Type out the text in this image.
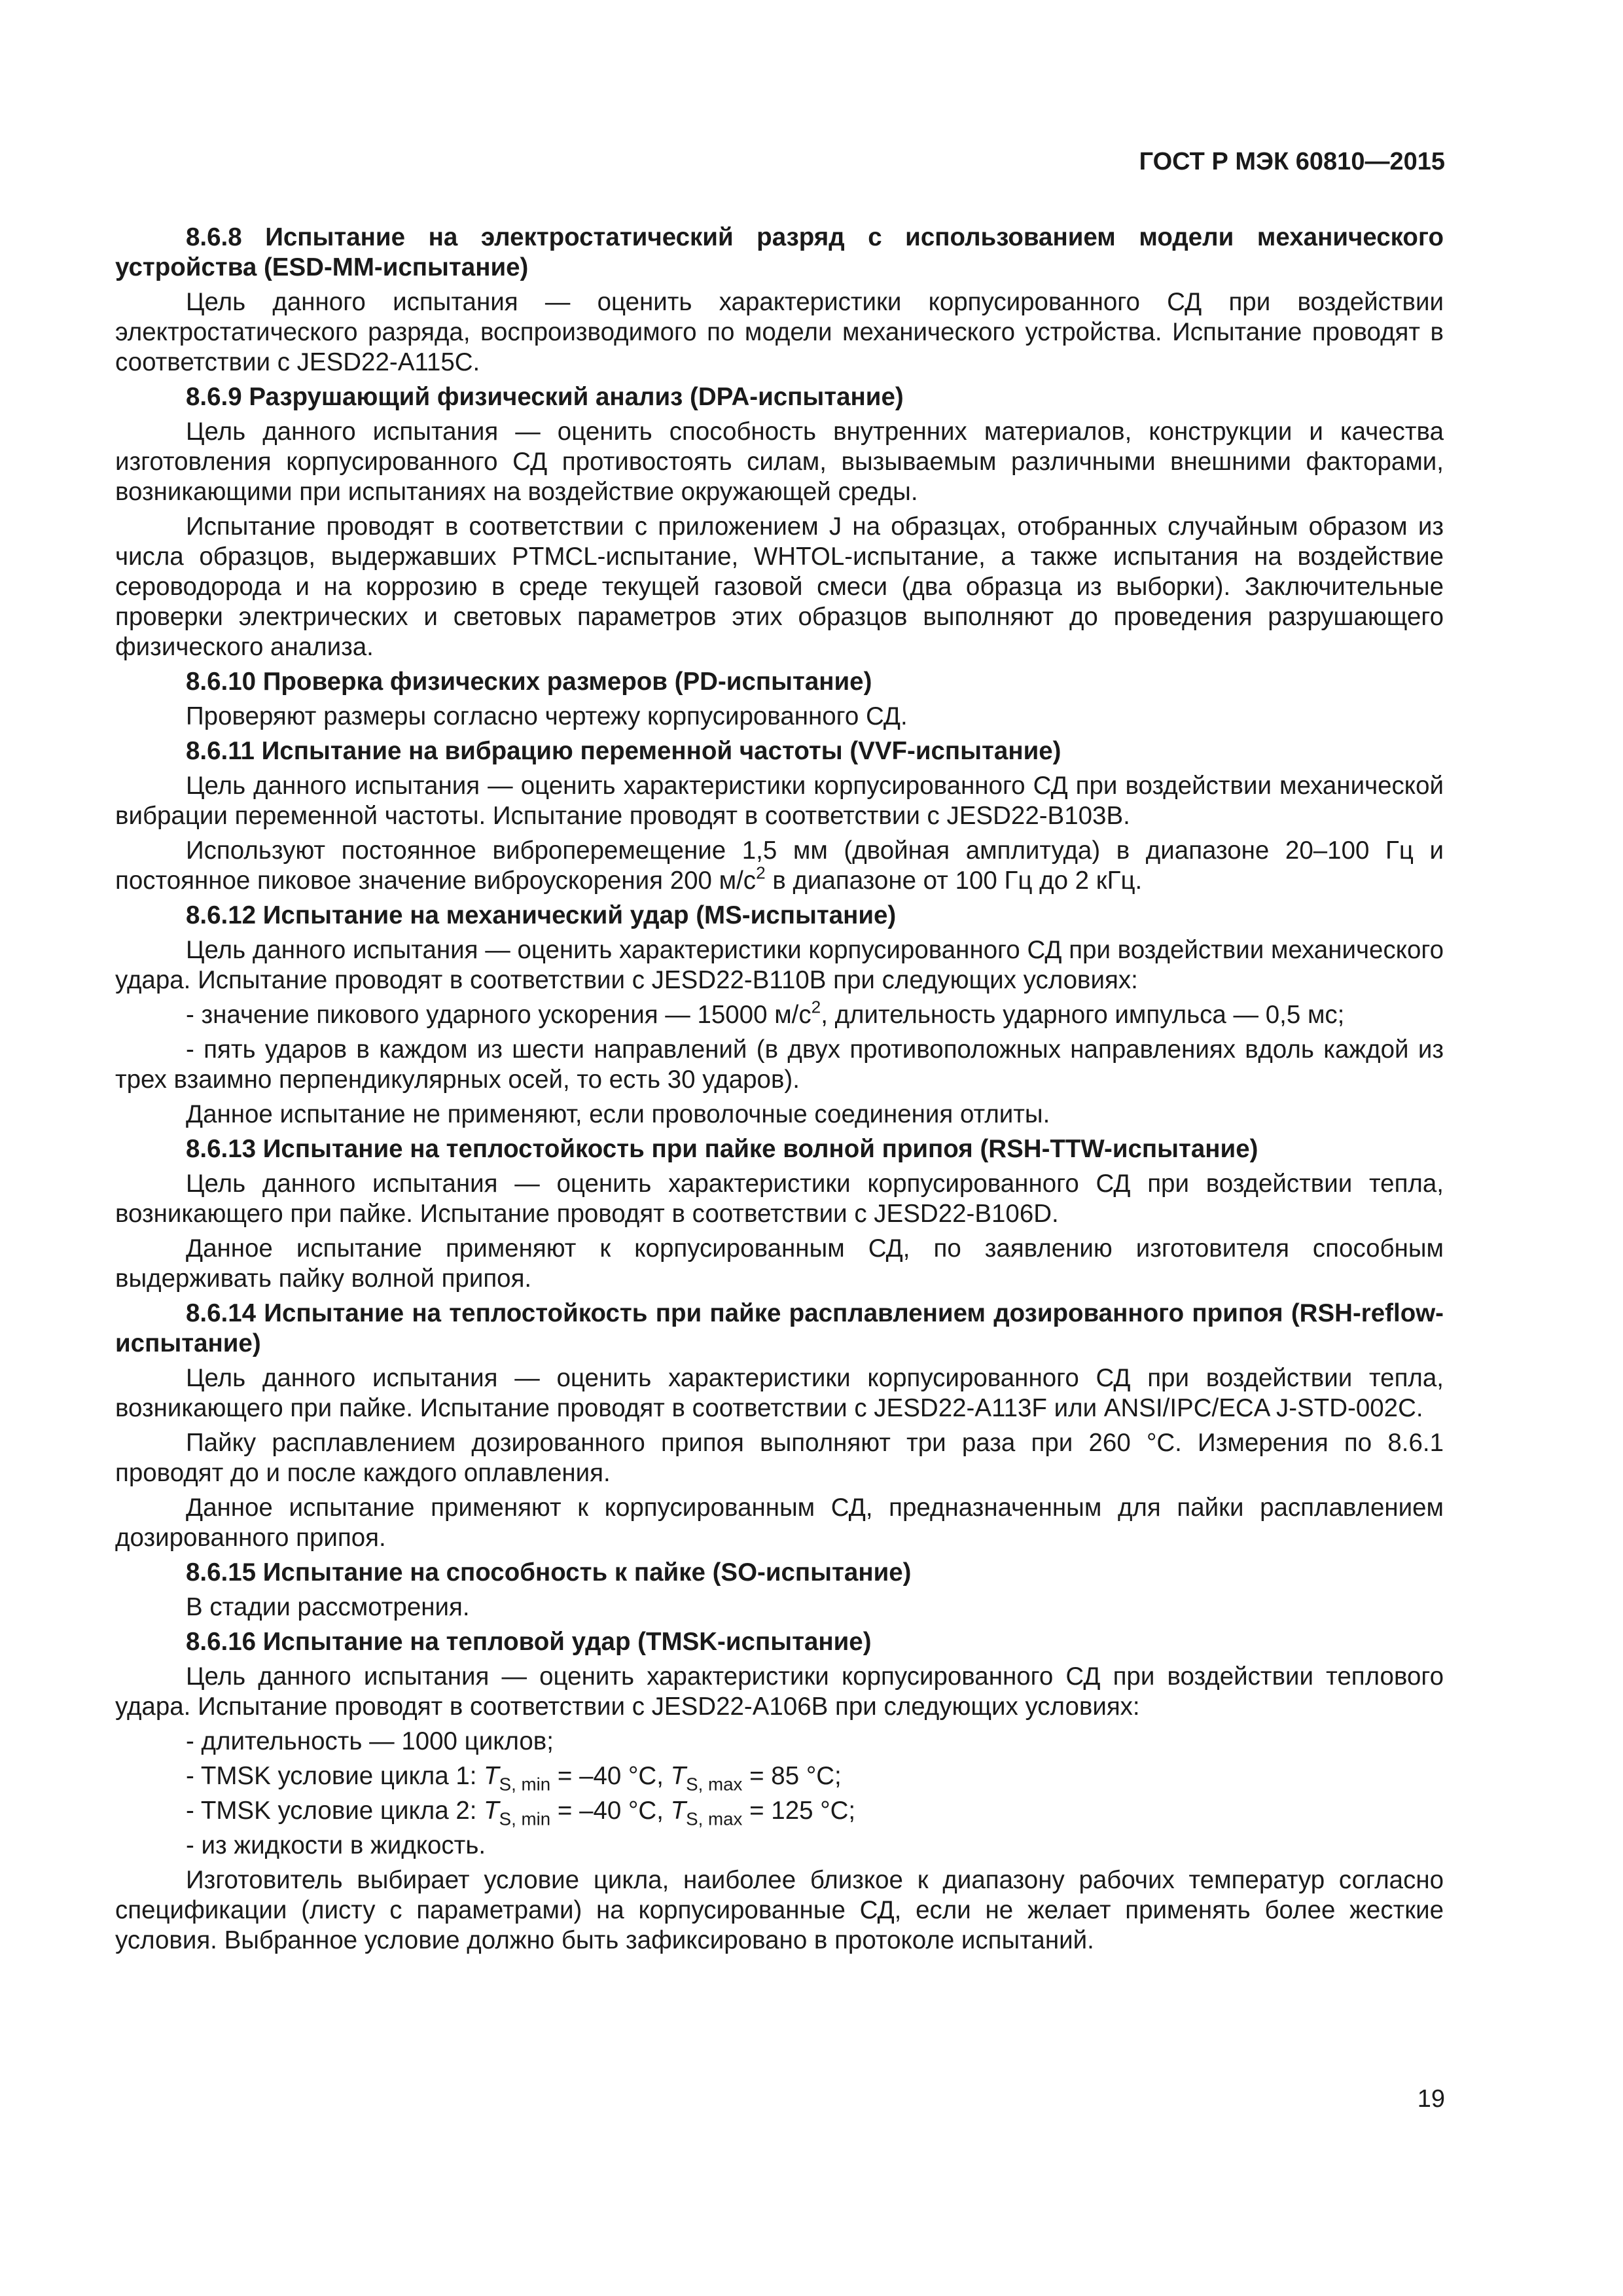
ГОСТ Р МЭК 60810—2015
8.6.8 Испытание на электростатический разряд с использованием модели механического устройства (ESD-MM-испытание)
Цель данного испытания — оценить характеристики корпусированного СД при воздействии электростатического разряда, воспроизводимого по модели механического устройства. Испытание проводят в соответствии с JESD22-A115C.
8.6.9 Разрушающий физический анализ (DPA-испытание)
Цель данного испытания — оценить способность внутренних материалов, конструкции и качества изготовления корпусированного СД противостоять силам, вызываемым различными внешними факторами, возникающими при испытаниях на воздействие окружающей среды.
Испытание проводят в соответствии с приложением J на образцах, отобранных случайным образом из числа образцов, выдержавших PTMCL-испытание, WHTOL-испытание, а также испытания на воздействие сероводорода и на коррозию в среде текущей газовой смеси (два образца из выборки). Заключительные проверки электрических и световых параметров этих образцов выполняют до проведения разрушающего физического анализа.
8.6.10 Проверка физических размеров (PD-испытание)
Проверяют размеры согласно чертежу корпусированного СД.
8.6.11 Испытание на вибрацию переменной частоты (VVF-испытание)
Цель данного испытания — оценить характеристики корпусированного СД при воздействии механической вибрации переменной частоты. Испытание проводят в соответствии с JESD22-B103B.
Используют постоянное виброперемещение 1,5 мм (двойная амплитуда) в диапазоне 20–100 Гц и постоянное пиковое значение виброускорения 200 $м/с^2$ в диапазоне от 100 Гц до 2 кГц.
8.6.12 Испытание на механический удар (MS-испытание)
Цель данного испытания — оценить характеристики корпусированного СД при воздействии механического удара. Испытание проводят в соответствии с JESD22-B110B при следующих условиях:
- значение пикового ударного ускорения — 15000 $м/с^2$, длительность ударного импульса — 0,5 мс;
- пять ударов в каждом из шести направлений (в двух противоположных направлениях вдоль каждой из трех взаимно перпендикулярных осей, то есть 30 ударов).
Данное испытание не применяют, если проволочные соединения отлиты.
8.6.13 Испытание на теплостойкость при пайке волной припоя (RSH-TTW-испытание)
Цель данного испытания — оценить характеристики корпусированного СД при воздействии тепла, возникающего при пайке. Испытание проводят в соответствии с JESD22-B106D.
Данное испытание применяют к корпусированным СД, по заявлению изготовителя способным выдерживать пайку волной припоя.
8.6.14 Испытание на теплостойкость при пайке расплавлением дозированного припоя (RSH-reflow-испытание)
Цель данного испытания — оценить характеристики корпусированного СД при воздействии тепла, возникающего при пайке. Испытание проводят в соответствии с JESD22-A113F или ANSI/IPC/ECA J-STD-002C.
Пайку расплавлением дозированного припоя выполняют три раза при 260 °С. Измерения по 8.6.1 проводят до и после каждого оплавления.
Данное испытание применяют к корпусированным СД, предназначенным для пайки расплавлением дозированного припоя.
8.6.15 Испытание на способность к пайке (SO-испытание)
В стадии рассмотрения.
8.6.16 Испытание на тепловой удар (TMSK-испытание)
Цель данного испытания — оценить характеристики корпусированного СД при воздействии теплового удара. Испытание проводят в соответствии с JESD22-A106B при следующих условиях:
- длительность — 1000 циклов;
- TMSK условие цикла 1: $T_{S, min} = -40$ °С, $T_{S, max} = 85$ °С;
- TMSK условие цикла 2: $T_{S, min} = -40$ °С, $T_{S, max} = 125$ °С;
- из жидкости в жидкость.
Изготовитель выбирает условие цикла, наиболее близкое к диапазону рабочих температур согласно спецификации (листу с параметрами) на корпусированные СД, если не желает применять более жесткие условия. Выбранное условие должно быть зафиксировано в протоколе испытаний.
19
